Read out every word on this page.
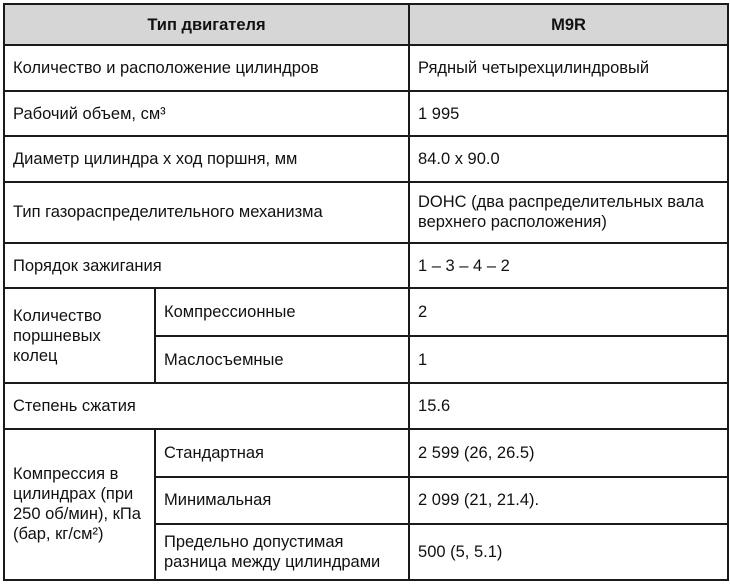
Тип двигателя		M9R
Количество и расположение цилиндров		Рядный четырехцилиндровый
Рабочий объем, см³		1 995
Диаметр цилиндра x ход поршня, мм		84.0 x 90.0
Тип газораспределительного механизма		DOHC (два распределительных вала верхнего расположения)
Порядок зажигания		1 – 3 – 4 – 2
Количество поршневых колец	Компрессионные	2
	Маслосъемные	1
Степень сжатия		15.6
Компрессия в цилиндрах (при 250 об/мин), кПа (бар, кг/см²)	Стандартная	2 599 (26, 26.5)
	Минимальная	2 099 (21, 21.4).
	Предельно допустимая разница между цилиндрами	500 (5, 5.1)
